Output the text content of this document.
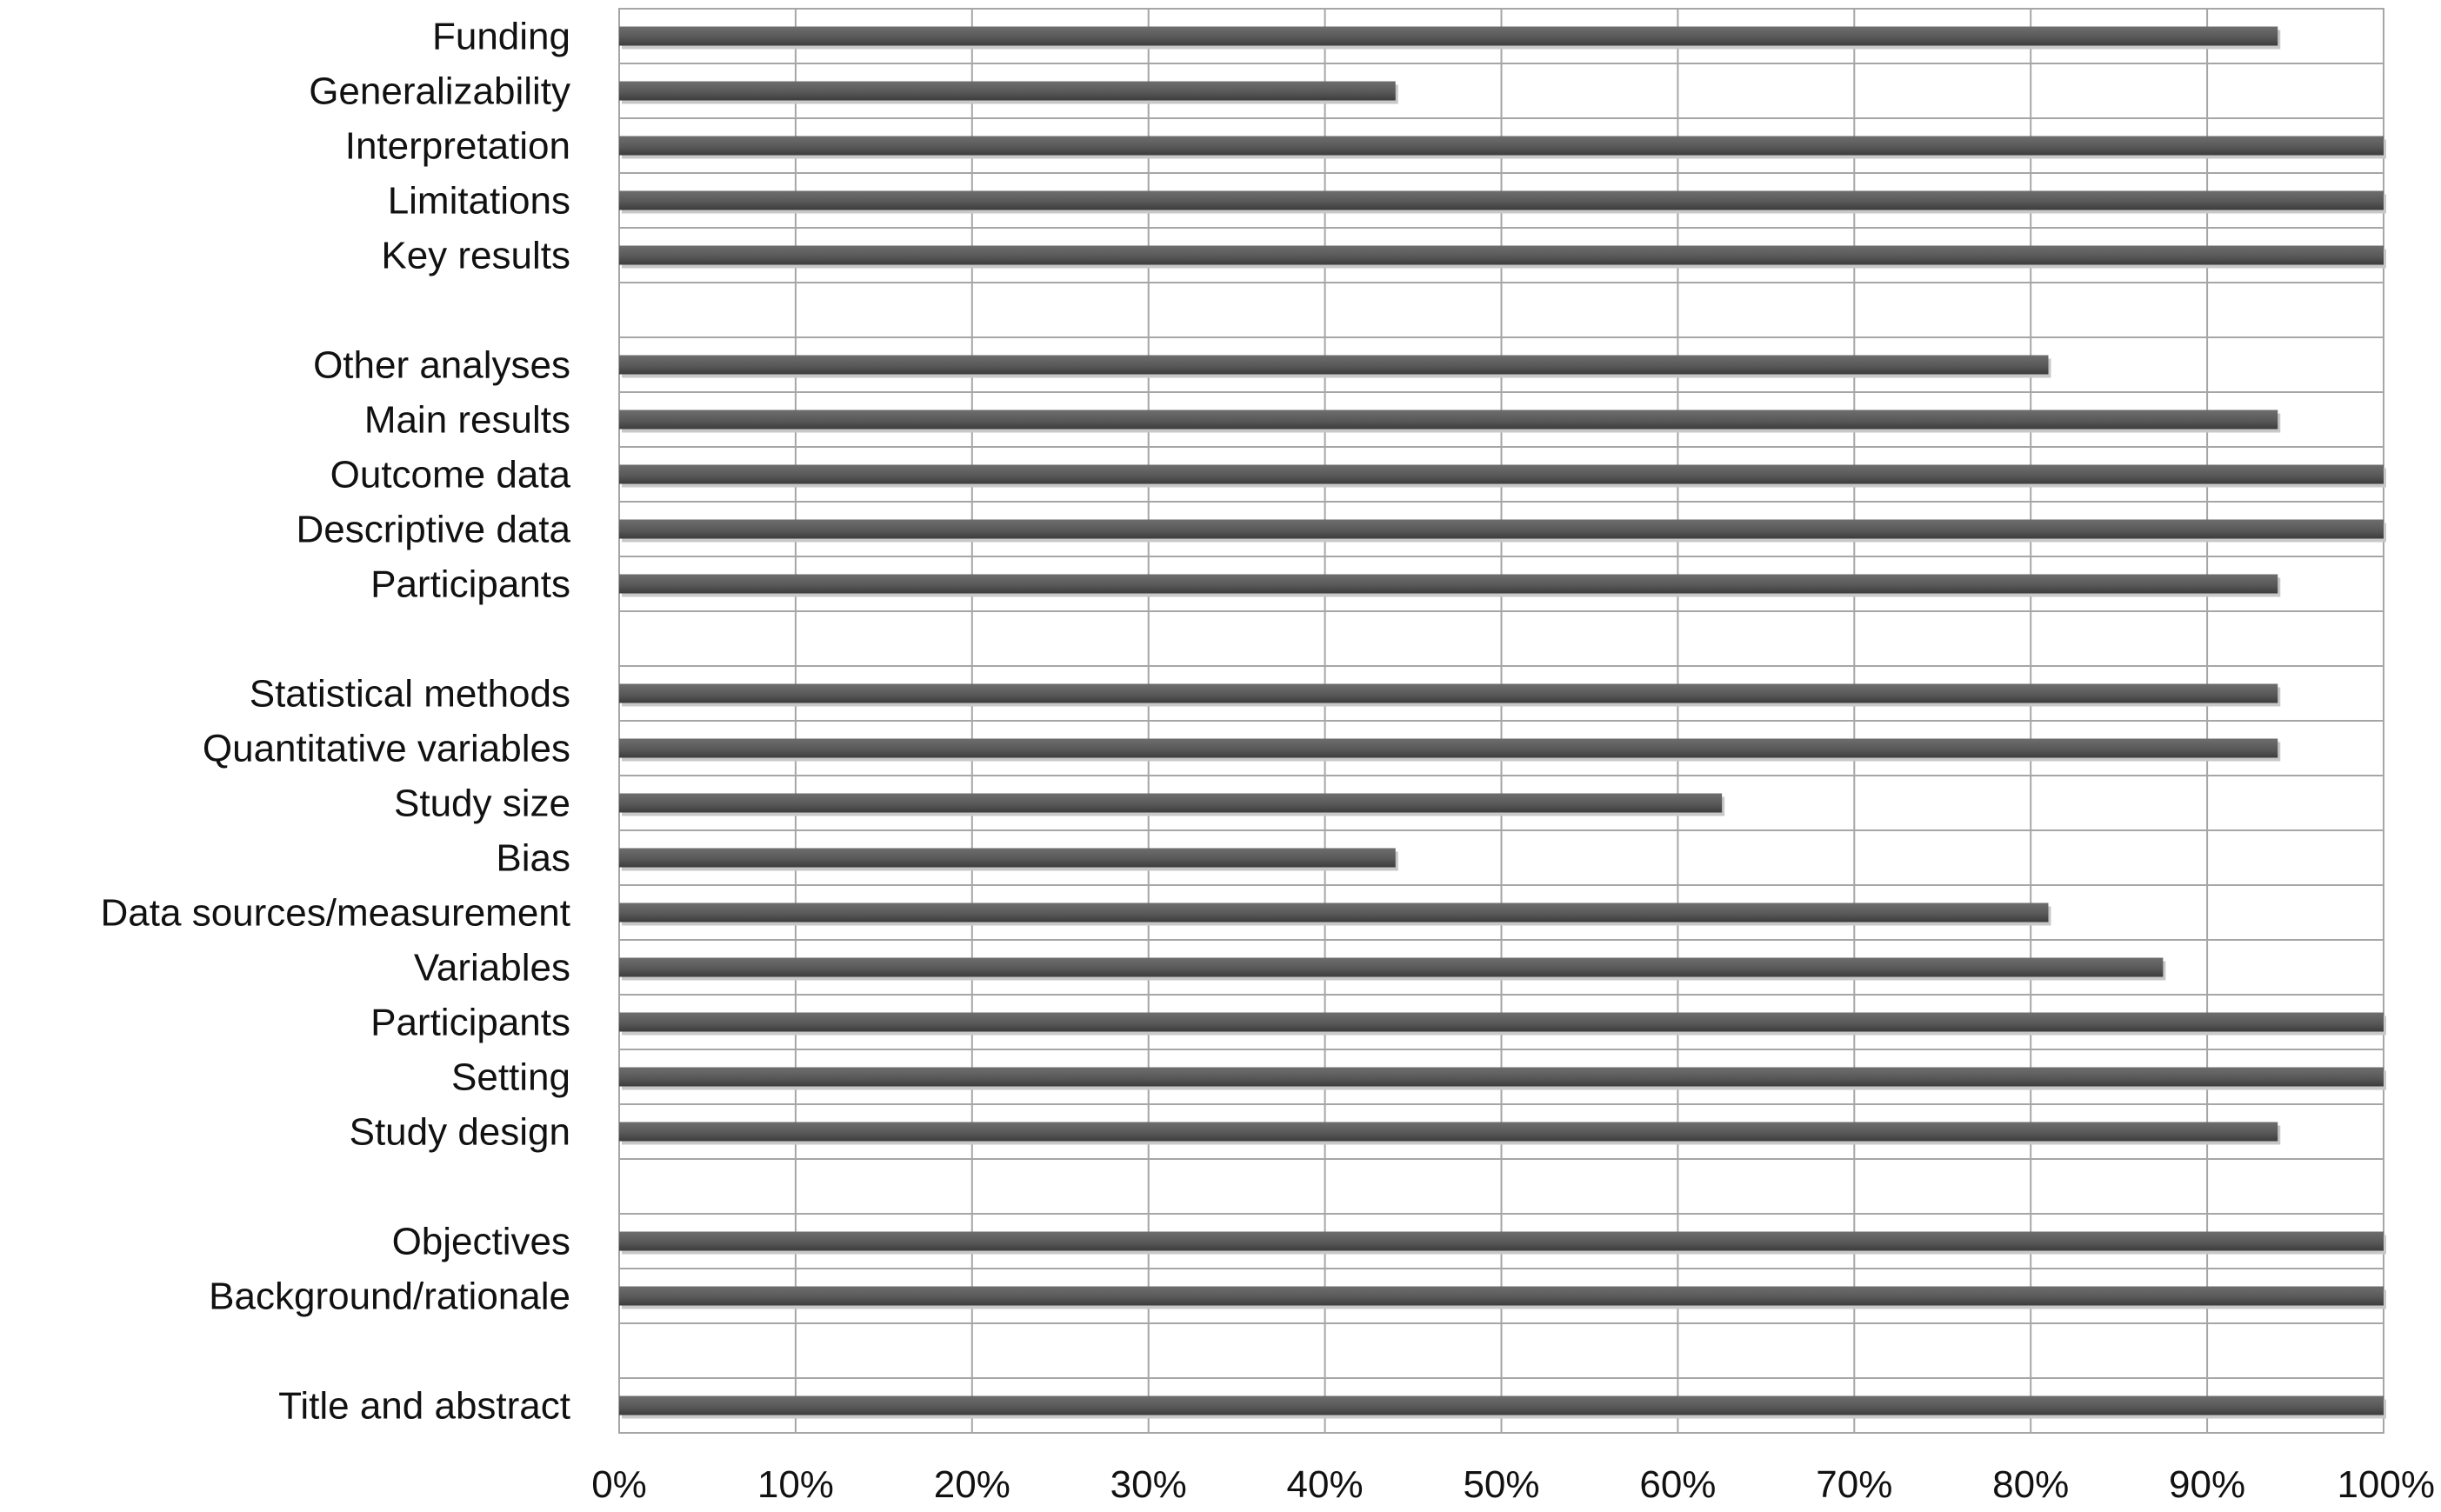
Funding
Generalizability
Interpretation
Limitations
Key results
Other analyses
Main results
Outcome data
Descriptive data
Participants
Statistical methods
Quantitative variables
Study size
Bias
Data sources/measurement
Variables
Participants
Setting
Study design
Objectives
Background/rationale
Title and abstract
0%	10%	20%	30%	40%	50%	60%	70%	80%	90% 100%
